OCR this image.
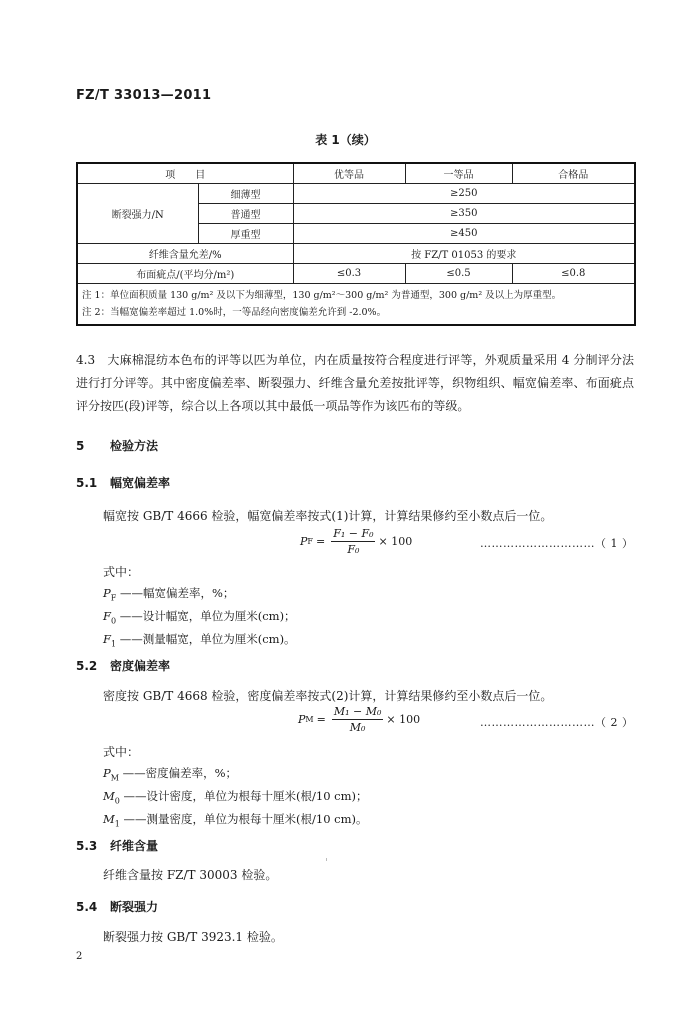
FZ/T 33013—2011
表 1（续）
项　　目		优等品	一等品	合格品
断裂强力/N	细薄型	≥250		
	普通型	≥350		
	厚重型	≥450		
纤维含量允差/%		按 FZ/T 01053 的要求		
布面疵点/(平均分/m²)		≤0.3	≤0.5	≤0.8

注 1：单位面积质量 130 g/m² 及以下为细薄型，130 g/m²～300 g/m² 为普通型，300 g/m² 及以上为厚重型。
注 2：当幅宽偏差率超过 1.0%时，一等品经向密度偏差允许到 -2.0%。				
4.3　大麻棉混纺本色布的评等以匹为单位，内在质量按符合程度进行评等，外观质量采用 4 分制评分法进行打分评等。其中密度偏差率、断裂强力、纤维含量允差按批评等，织物组织、幅宽偏差率、布面疵点评分按匹(段)评等，综合以上各项以其中最低一项品等作为该匹布的等级。
5 检验方法
5.1 幅宽偏差率
幅宽按 GB/T 4666 检验，幅宽偏差率按式(1)计算，计算结果修约至小数点后一位。
P $F = \frac{\text{F₁ − F₀}}{\text{F₀}} \times 100$	…………………………（ 1 ）
式中：
$P_F$ ——幅宽偏差率，%；
$F_0$ ——设计幅宽，单位为厘米(cm)；
$F_1$ ——测量幅宽，单位为厘米(cm)。
5.2 密度偏差率
密度按 GB/T 4668 检验，密度偏差率按式(2)计算，计算结果修约至小数点后一位。
P $M = \frac{\text{M₁ − M₀}}{\text{M₀}} \times 100$	…………………………（ 2 ）
式中：
$P_M$ ——密度偏差率，%；
$M_0$ ——设计密度，单位为根每十厘米(根/10 cm)；
$M_1$ ——测量密度，单位为根每十厘米(根/10 cm)。
5.3 纤维含量
纤维含量按 FZ/T 30003 检验。
5.4 断裂强力
断裂强力按 GB/T 3923.1 检验。
2
